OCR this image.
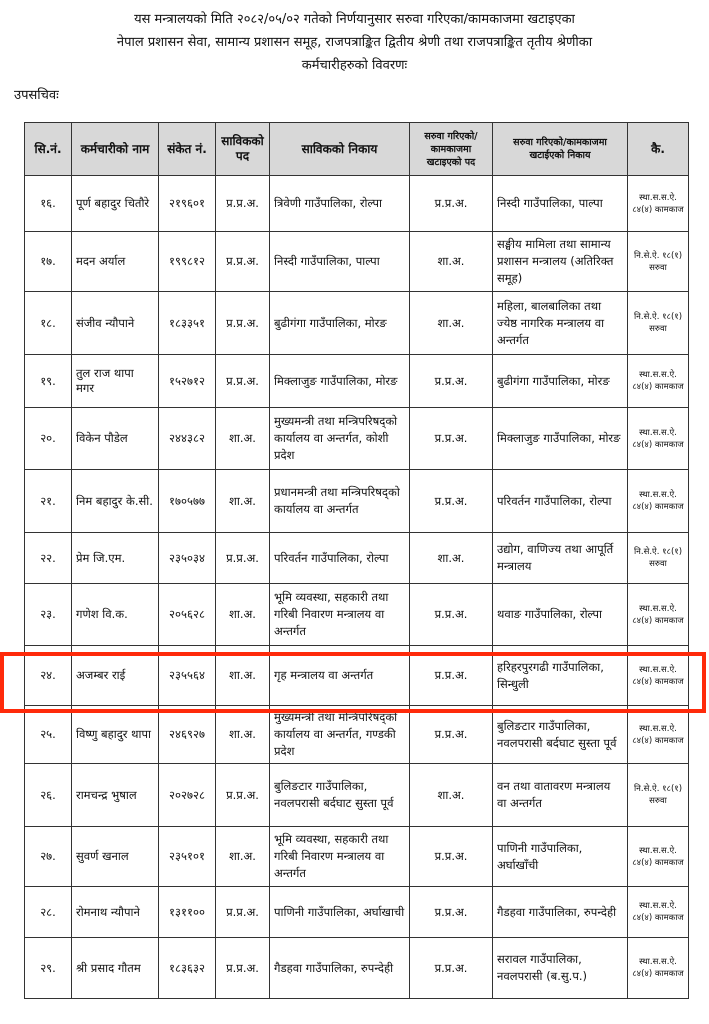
यस मन्त्रालयको मिति २०८२/०५/०२ गतेको निर्णयानुसार सरुवा गरिएका/कामकाजमा खटाइएका
नेपाल प्रशासन सेवा, सामान्य प्रशासन समूह, राजपत्राङ्कित द्वितीय श्रेणी तथा राजपत्राङ्कित तृतीय श्रेणीका
कर्मचारीहरुको विवरणः
उपसचिवः
सि.नं.	कर्मचारीको नाम	संकेत नं.	साविकको पद	साविकको निकाय	सरुवा गरिएको/कामकाजमा खटाइएको पद	सरुवा गरिएको/कामकाजमा खटाईएको निकाय	कै.
१६.	पूर्ण बहादुर चितौरे	२१९६०१	प्र.प्र.अ.	त्रिवेणी गाउँपालिका, रोल्पा	प्र.प्र.अ.	निस्दी गाउँपालिका, पाल्पा	स्था.स.स.ऐ. ८४(४) कामकाज
१७.	मदन अर्याल	१९९८१२	प्र.प्र.अ.	निस्दी गाउँपालिका, पाल्पा	शा.अ.	सङ्घीय मामिला तथा सामान्य प्रशासन मन्त्रालय (अतिरिक्त समूह)	नि.से.ऐ. १८(१) सरुवा
१८.	संजीव न्यौपाने	१८३३५१	प्र.प्र.अ.	बुढीगंगा गाउँपालिका, मोरङ	शा.अ.	महिला, बालबालिका तथा ज्येष्ठ नागरिक मन्त्रालय वा अन्तर्गत	नि.से.ऐ. १८(१) सरुवा
१९.	तुल राज थापा मगर	१५२७१२	प्र.प्र.अ.	मिक्लाजुङ गाउँपालिका, मोरङ	प्र.प्र.अ.	बुढीगंगा गाउँपालिका, मोरङ	स्था.स.स.ऐ. ८४(४) कामकाज
२०.	विकेन पौडेल	२४४३८२	शा.अ.	मुख्यमन्त्री तथा मन्त्रिपरिषद्को कार्यालय वा अन्तर्गत, कोशी प्रदेश	प्र.प्र.अ.	मिक्लाजुङ गाउँपालिका, मोरङ	स्था.स.स.ऐ. ८४(४) कामकाज
२१.	निम बहादुर के.सी.	१७०५७७	शा.अ.	प्रधानमन्त्री तथा मन्त्रिपरिषद्को कार्यालय वा अन्तर्गत	प्र.प्र.अ.	परिवर्तन गाउँपालिका, रोल्पा	स्था.स.स.ऐ. ८४(४) कामकाज
२२.	प्रेम जि.एम.	२३५०३४	प्र.प्र.अ.	परिवर्तन गाउँपालिका, रोल्पा	शा.अ.	उद्योग, वाणिज्य तथा आपूर्ति मन्त्रालय	नि.से.ऐ. १८(१) सरुवा
२३.	गणेश वि.क.	२०५६२८	शा.अ.	भूमि व्यवस्था, सहकारी तथा गरिबी निवारण मन्त्रालय वा अन्तर्गत	प्र.प्र.अ.	थवाङ गाउँपालिका, रोल्पा	स्था.स.स.ऐ. ८४(४) कामकाज
२४.	अजम्बर राई	२३५५६४	शा.अ.	गृह मन्त्रालय वा अन्तर्गत	प्र.प्र.अ.	हरिहरपुरगढी गाउँपालिका, सिन्धुली	स्था.स.स.ऐ. ८४(४) कामकाज
२५.	विष्णु बहादुर थापा	२४६९२७	शा.अ.	मुख्यमन्त्री तथा मन्त्रिपरिषद्को कार्यालय वा अन्तर्गत, गण्डकी प्रदेश	प्र.प्र.अ.	बुलिङटार गाउँपालिका, नवलपरासी बर्दघाट सुस्ता पूर्व	स्था.स.स.ऐ. ८४(४) कामकाज
२६.	रामचन्द्र भुषाल	२०२७२८	प्र.प्र.अ.	बुलिङटार गाउँपालिका, नवलपरासी बर्दघाट सुस्ता पूर्व	शा.अ.	वन तथा वातावरण मन्त्रालय वा अन्तर्गत	नि.से.ऐ. १८(१) सरुवा
२७.	सुवर्ण खनाल	२३५१०१	शा.अ.	भूमि व्यवस्था, सहकारी तथा गरिबी निवारण मन्त्रालय वा अन्तर्गत	प्र.प्र.अ.	पाणिनी गाउँपालिका, अर्घाखाँची	स्था.स.स.ऐ. ८४(४) कामकाज
२८.	रोमनाथ न्यौपाने	१३११००	प्र.प्र.अ.	पाणिनी गाउँपालिका, अर्घाखाची	प्र.प्र.अ.	गैडहवा गाउँपालिका, रुपन्देही	स्था.स.स.ऐ. ८४(४) कामकाज
२९.	श्री प्रसाद गौतम	१८३६३२	प्र.प्र.अ.	गैडहवा गाउँपालिका, रुपन्देही	प्र.प्र.अ.	सरावल गाउँपालिका, नवलपरासी (ब.सु.प.)	स्था.स.स.ऐ. ८४(४) कामकाज
